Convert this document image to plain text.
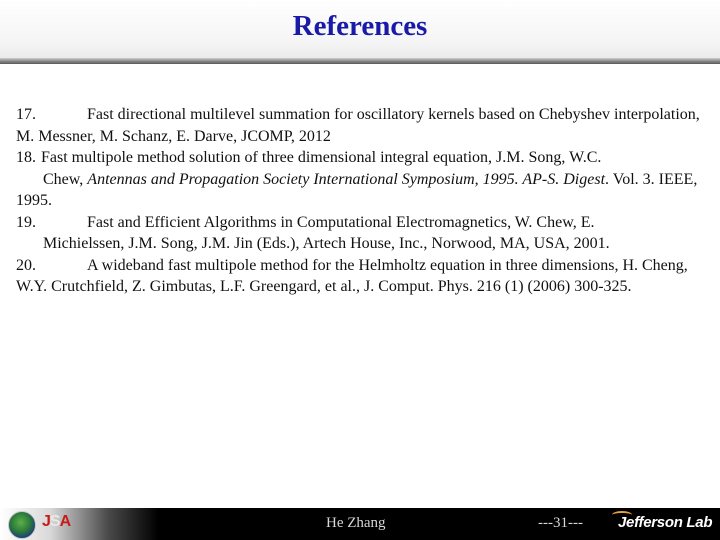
References

17.	Fast directional multilevel summation for oscillatory kernels based on Chebyshev interpolation, M. Messner, M. Schanz, E. Darve, JCOMP, 2012

18. Fast multipole method solution of three dimensional integral equation, J.M. Song, W.C.
Chew, Antennas and Propagation Society International Symposium, 1995. AP-S. Digest. Vol. 3. IEEE, 1995.

19.	Fast and Efficient Algorithms in Computational Electromagnetics, W. Chew, E.
Michielssen, J.M. Song, J.M. Jin (Eds.), Artech House, Inc., Norwood, MA, USA, 2001.

20.	A wideband fast multipole method for the Helmholtz equation in three dimensions, H. Cheng, W.Y. Crutchfield, Z. Gimbutas, L.F. Greengard, et al., J. Comput. Phys. 216 (1) (2006) 300-325.

JSA	He Zhang	---31--- Jefferson Lab
